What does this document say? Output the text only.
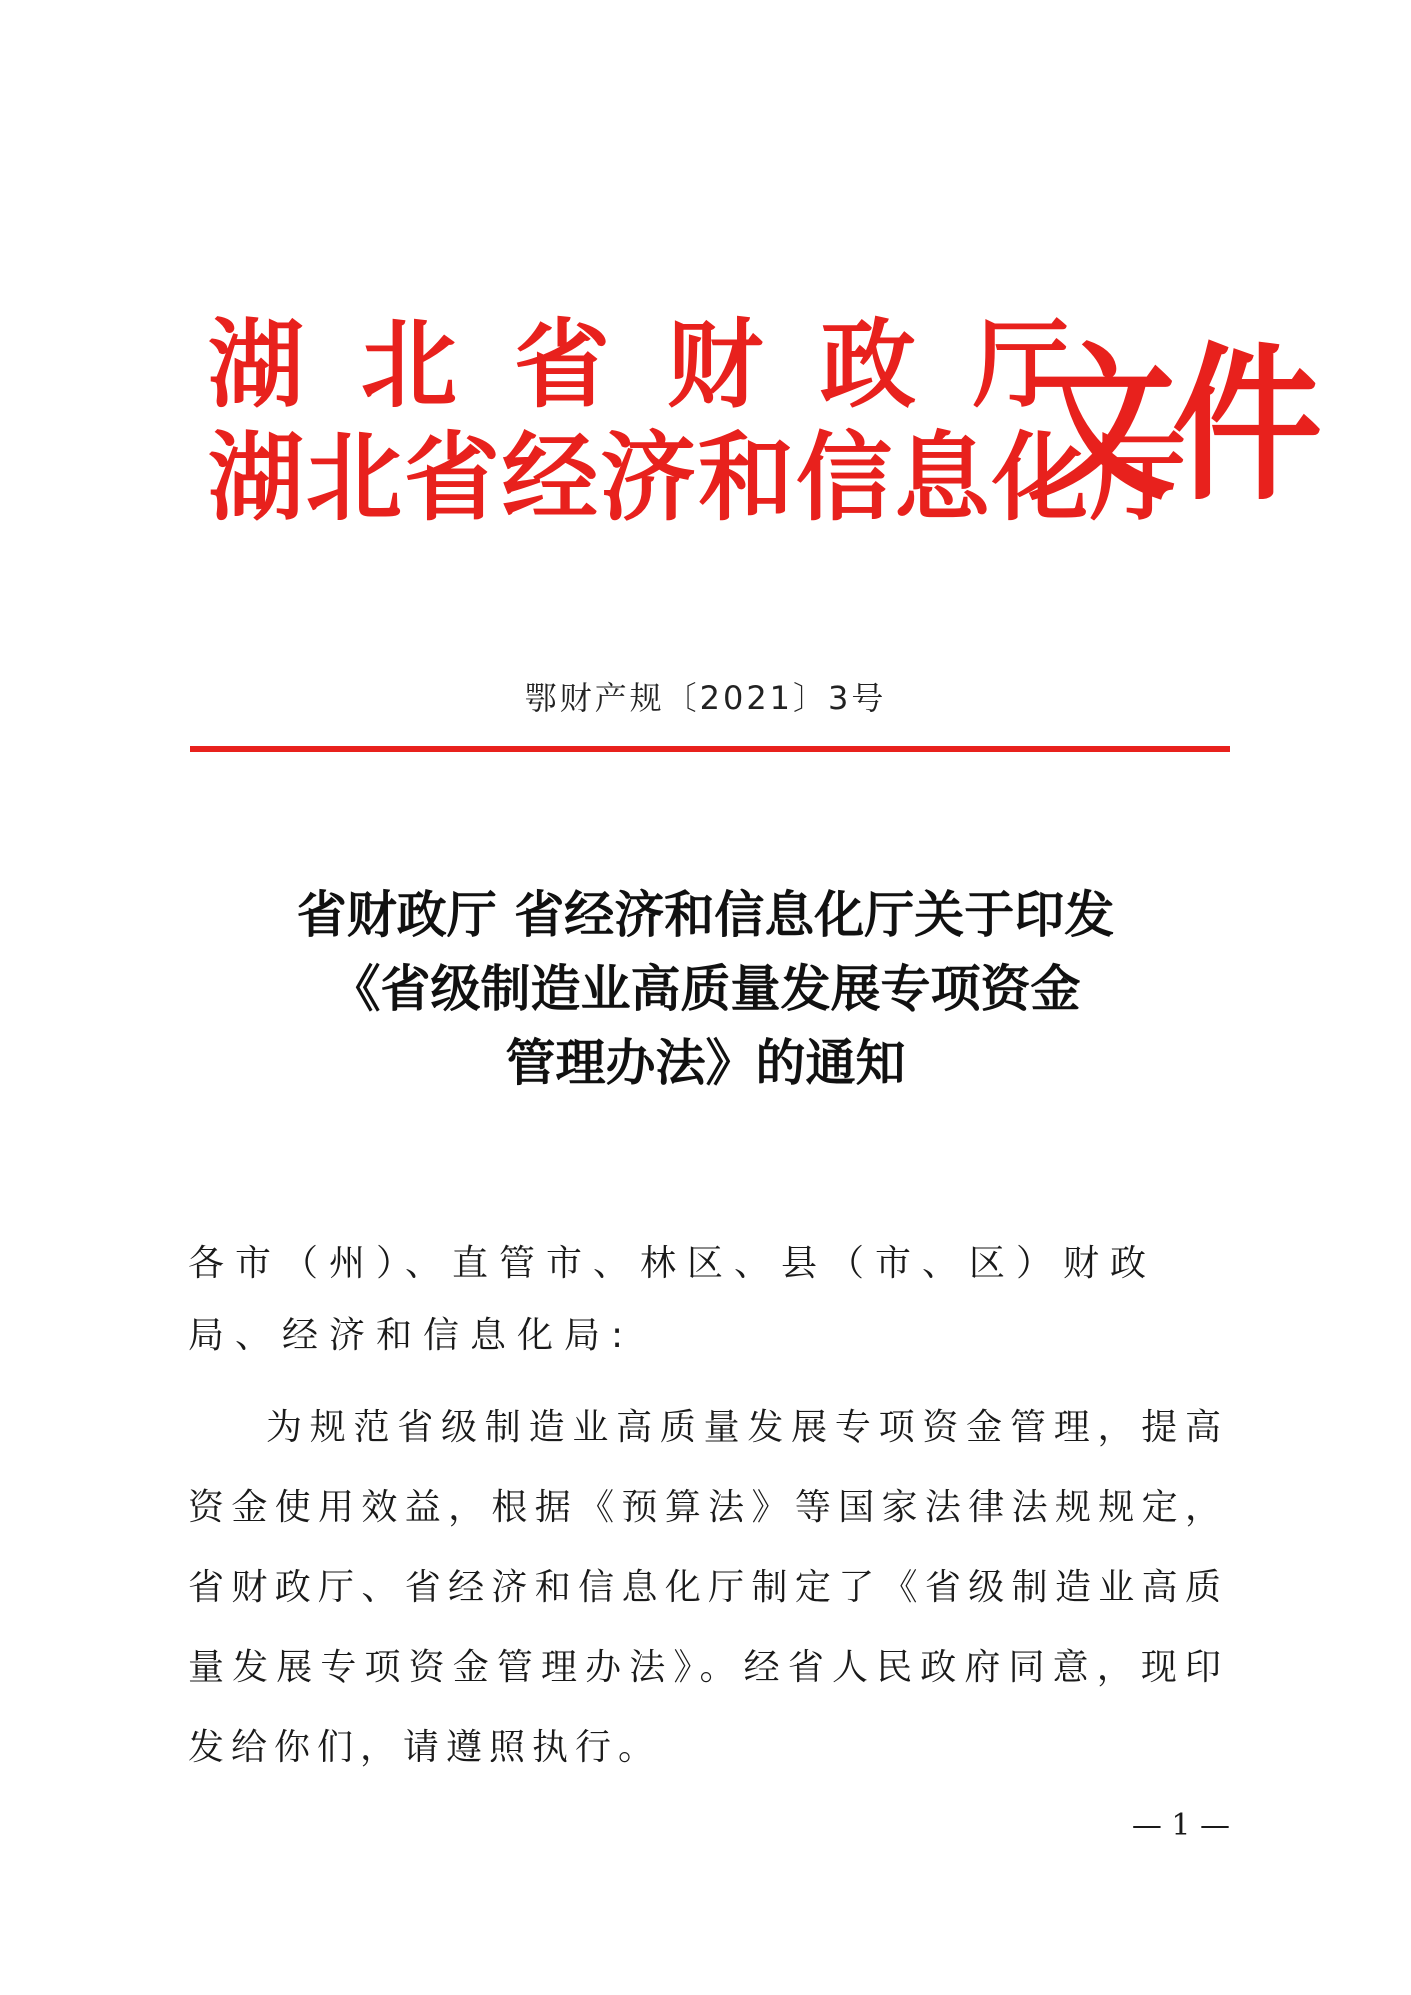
湖北省财政厅
湖北省经济和信息化厅
文件
鄂财产规〔2021〕3号
省财政厅 省经济和信息化厅关于印发
《省级制造业高质量发展专项资金
管理办法》的通知
各市（州）、直管市、林区、县（市、区）财政局、经济和信息化局:
为规范省级制造业高质量发展专项资金管理，提高资金使用效益，根据《预算法》等国家法律法规规定，省财政厅、省经济和信息化厅制定了《省级制造业高质量发展专项资金管理办法》。经省人民政府同意，现印发给你们，请遵照执行。
— 1 —
